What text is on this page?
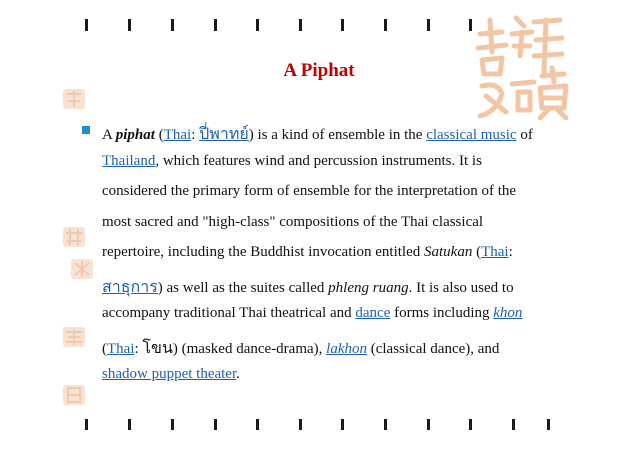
A Piphat
A piphat (Thai: ปี่พาทย์) is a kind of ensemble in the classical music of
Thailand, which features wind and percussion instruments. It is
considered the primary form of ensemble for the interpretation of the
most sacred and "high-class" compositions of the Thai classical
repertoire, including the Buddhist invocation entitled Satukan (Thai:
สาธุการ) as well as the suites called phleng ruang. It is also used to
accompany traditional Thai theatrical and dance forms including khon
(Thai: โขน) (masked dance-drama), lakhon (classical dance), and
shadow puppet theater.
